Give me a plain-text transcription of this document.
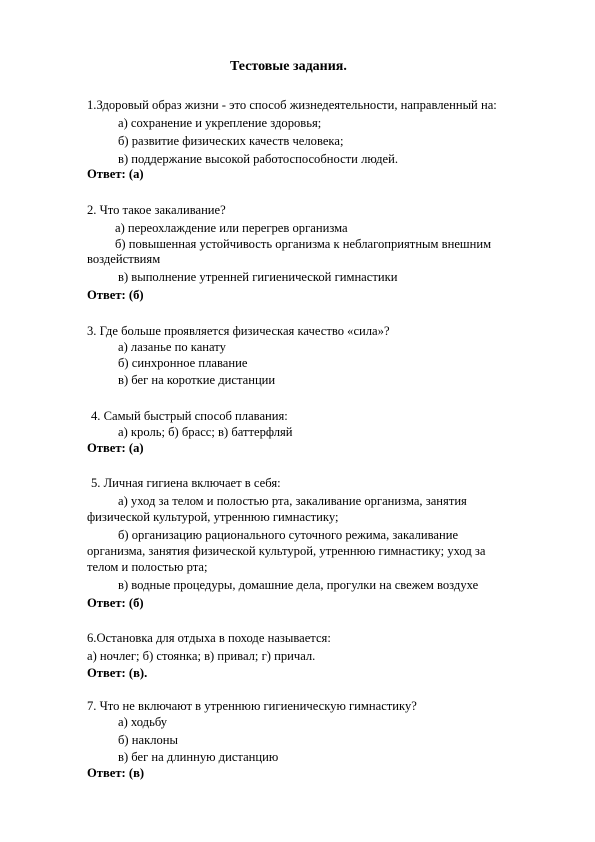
Тестовые задания.
1.Здоровый образ жизни - это способ жизнедеятельности, направленный на:
а) сохранение и укрепление здоровья;
б) развитие физических качеств человека;
в) поддержание высокой работоспособности людей.
Ответ: (а)
2. Что такое закаливание?
а) переохлаждение или перегрев организма
б) повышенная устойчивость организма к неблагоприятным внешним
воздействиям
в) выполнение утренней гигиенической гимнастики
Ответ: (б)
3. Где больше проявляется физическая качество «сила»?
а) лазанье по канату
б) синхронное плавание
в) бег на короткие дистанции
4. Самый быстрый способ плавания:
а) кроль; б) брасс; в) баттерфляй
Ответ: (а)
5. Личная гигиена включает в себя:
а) уход за телом и полостью рта, закаливание организма, занятия
физической культурой, утреннюю гимнастику;
б) организацию рационального суточного режима, закаливание
организма, занятия физической культурой, утреннюю гимнастику; уход за
телом и полостью рта;
в) водные процедуры, домашние дела, прогулки на свежем воздухе
Ответ: (б)
6.Остановка для отдыха в походе называется:
а) ночлег; б) стоянка; в) привал; г) причал.
Ответ: (в).
7. Что не включают в утреннюю гигиеническую гимнастику?
а) ходьбу
б) наклоны
в) бег на длинную дистанцию
Ответ: (в)
